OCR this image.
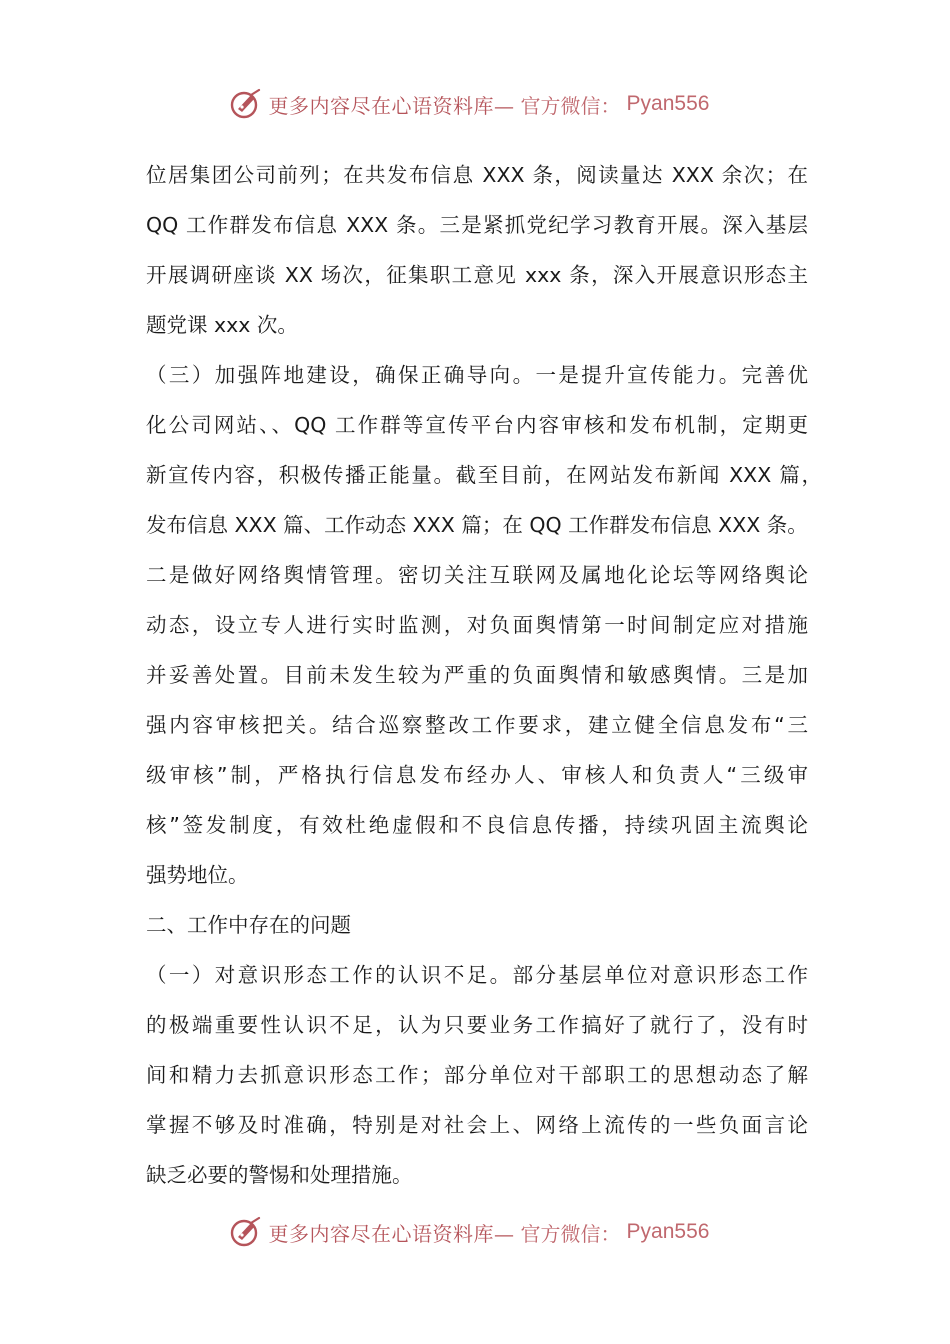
更多内容尽在心语资料库— 官方微信： Pyan556
位居集团公司前列；在共发布信息 XXX 条，阅读量达 XXX 余次；在
QQ 工作群发布信息 XXX 条。三是紧抓党纪学习教育开展。深入基层
开展调研座谈 XX 场次，征集职工意见 xxx 条，深入开展意识形态主
题党课 xxx 次。
（三）加强阵地建设，确保正确导向。一是提升宣传能力。完善优
化公司网站、、QQ 工作群等宣传平台内容审核和发布机制，定期更
新宣传内容，积极传播正能量。截至目前，在网站发布新闻 XXX 篇，
发布信息 XXX 篇、工作动态 XXX 篇；在 QQ 工作群发布信息 XXX 条。
二是做好网络舆情管理。密切关注互联网及属地化论坛等网络舆论
动态，设立专人进行实时监测，对负面舆情第一时间制定应对措施
并妥善处置。目前未发生较为严重的负面舆情和敏感舆情。三是加
强内容审核把关。结合巡察整改工作要求，建立健全信息发布“三
级审核”制，严格执行信息发布经办人、审核人和负责人“三级审
核”签发制度，有效杜绝虚假和不良信息传播，持续巩固主流舆论
强势地位。
二、工作中存在的问题
（一）对意识形态工作的认识不足。部分基层单位对意识形态工作
的极端重要性认识不足，认为只要业务工作搞好了就行了，没有时
间和精力去抓意识形态工作；部分单位对干部职工的思想动态了解
掌握不够及时准确，特别是对社会上、网络上流传的一些负面言论
缺乏必要的警惕和处理措施。
更多内容尽在心语资料库— 官方微信： Pyan556
